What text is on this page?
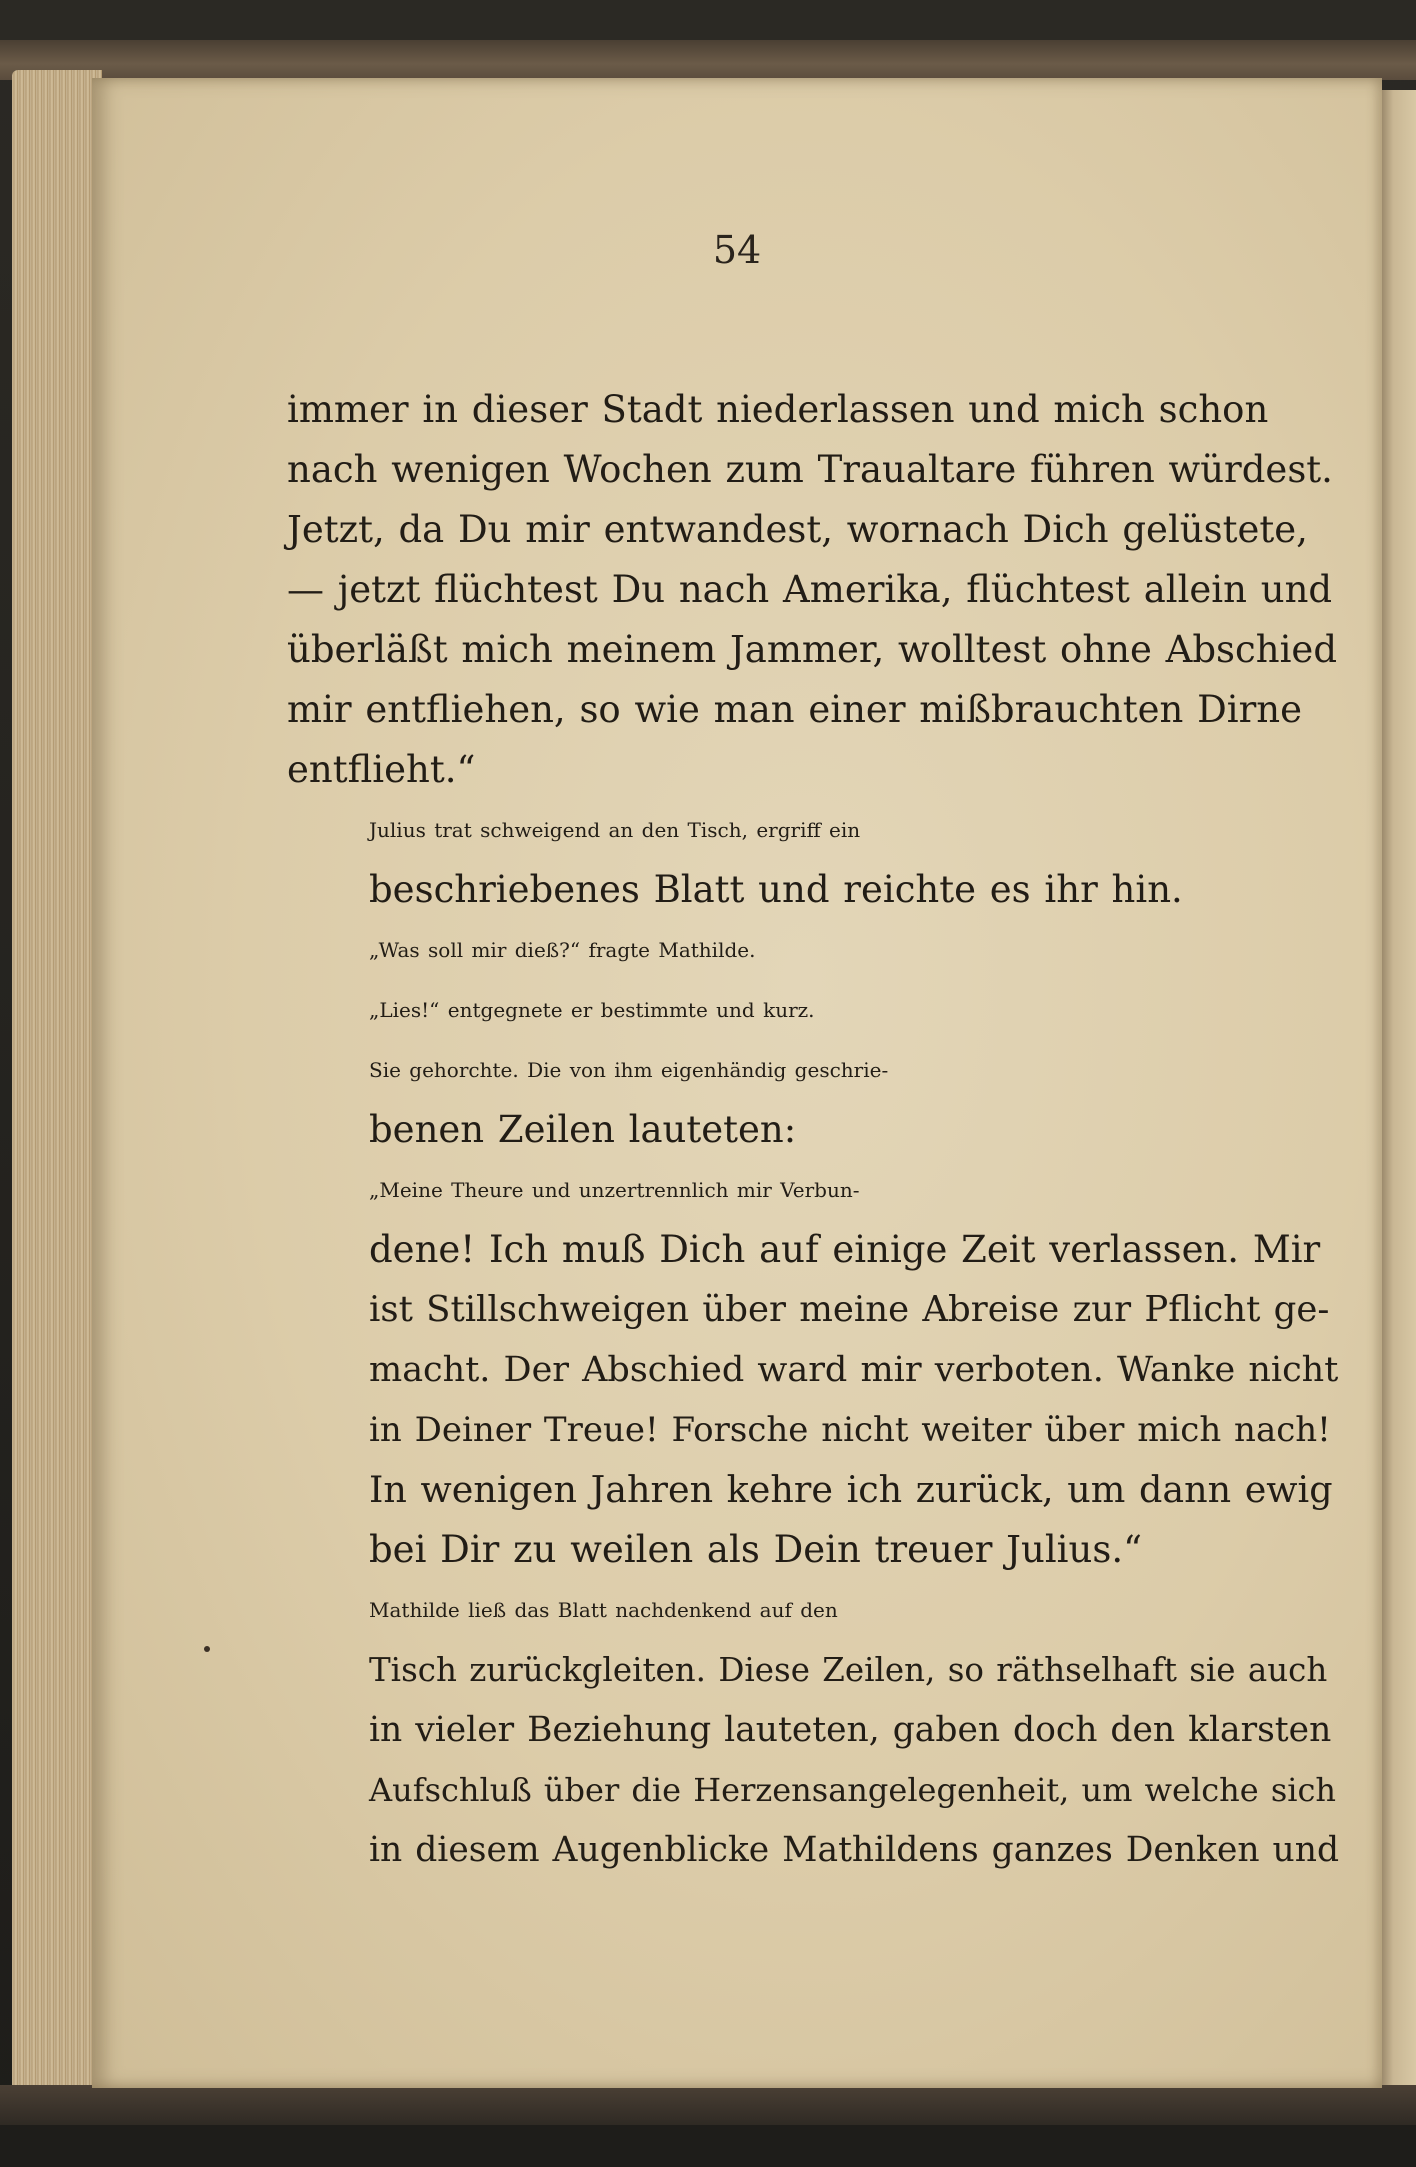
54

immer in dieser Stadt niederlassen und mich schon
nach wenigen Wochen zum Traualtare führen würdest.
Jetzt, da Du mir entwandest, wornach Dich gelüstete,
— jetzt flüchtest Du nach Amerika, flüchtest allein und
überläßt mich meinem Jammer, wolltest ohne Abschied
mir entfliehen, so wie man einer mißbrauchten Dirne
entflieht.“

Julius trat schweigend an den Tisch, ergriff ein
beschriebenes Blatt und reichte es ihr hin.

„Was soll mir dieß?“ fragte Mathilde.

„Lies!“ entgegnete er bestimmte und kurz.

Sie gehorchte. Die von ihm eigenhändig geschrie-
benen Zeilen lauteten:

„Meine Theure und unzertrennlich mir Verbun-
dene! Ich muß Dich auf einige Zeit verlassen. Mir
ist Stillschweigen über meine Abreise zur Pflicht ge-
macht. Der Abschied ward mir verboten. Wanke nicht
in Deiner Treue! Forsche nicht weiter über mich nach!
In wenigen Jahren kehre ich zurück, um dann ewig
bei Dir zu weilen als Dein treuer Julius.“

Mathilde ließ das Blatt nachdenkend auf den
Tisch zurückgleiten. Diese Zeilen, so räthselhaft sie auch
in vieler Beziehung lauteten, gaben doch den klarsten
Aufschluß über die Herzensangelegenheit, um welche sich
in diesem Augenblicke Mathildens ganzes Denken und
